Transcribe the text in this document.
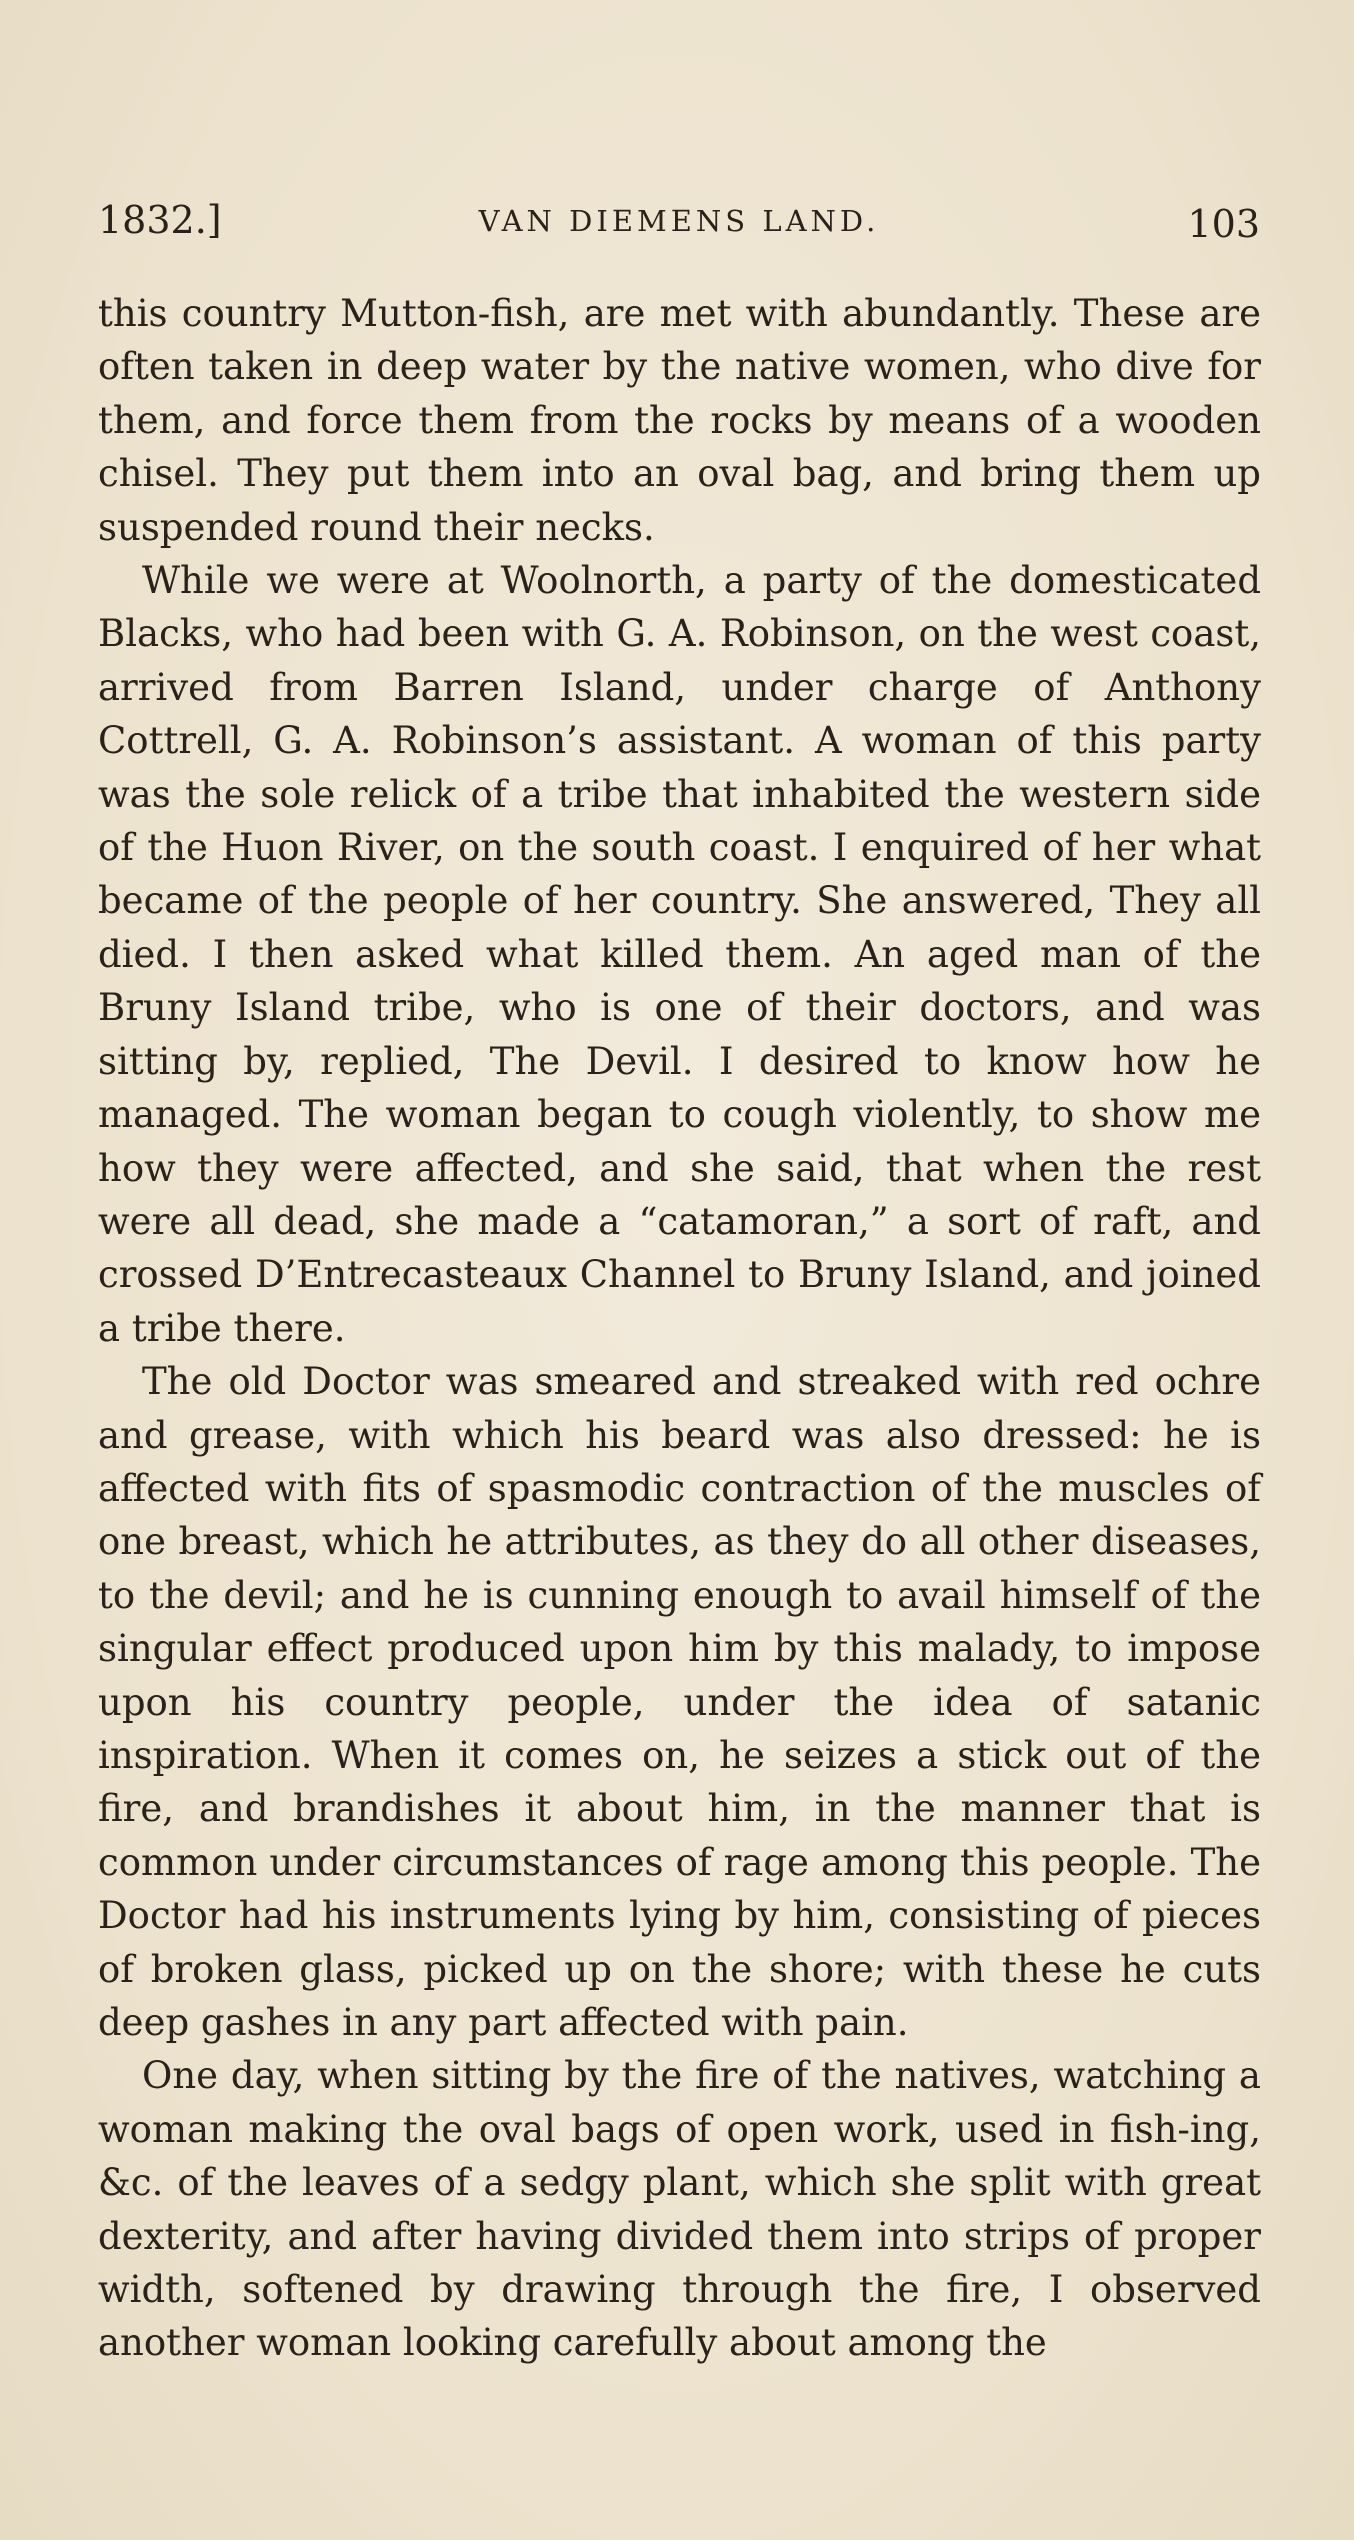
1832.]	VAN DIEMENS LAND.	103

this country Mutton-fish, are met with abundantly. These are often taken in deep water by the native women, who dive for them, and force them from the rocks by means of a wooden chisel. They put them into an oval bag, and bring them up suspended round their necks.

While we were at Woolnorth, a party of the domesticated Blacks, who had been with G. A. Robinson, on the west coast, arrived from Barren Island, under charge of Anthony Cottrell, G. A. Robinson’s assistant. A woman of this party was the sole relick of a tribe that inhabited the western side of the Huon River, on the south coast. I enquired of her what became of the people of her country. She answered, They all died. I then asked what killed them. An aged man of the Bruny Island tribe, who is one of their doctors, and was sitting by, replied, The Devil. I desired to know how he managed. The woman began to cough violently, to show me how they were affected, and she said, that when the rest were all dead, she made a “catamoran,” a sort of raft, and crossed D’Entrecasteaux Channel to Bruny Island, and joined a tribe there.

The old Doctor was smeared and streaked with red ochre and grease, with which his beard was also dressed: he is affected with fits of spasmodic contraction of the muscles of one breast, which he attributes, as they do all other diseases, to the devil; and he is cunning enough to avail himself of the singular effect produced upon him by this malady, to impose upon his country people, under the idea of satanic inspiration. When it comes on, he seizes a stick out of the fire, and brandishes it about him, in the manner that is common under circumstances of rage among this people. The Doctor had his instruments lying by him, consisting of pieces of broken glass, picked up on the shore; with these he cuts deep gashes in any part affected with pain.

One day, when sitting by the fire of the natives, watching a woman making the oval bags of open work, used in fish-ing, &c. of the leaves of a sedgy plant, which she split with great dexterity, and after having divided them into strips of proper width, softened by drawing through the fire, I observed another woman looking carefully about among the
